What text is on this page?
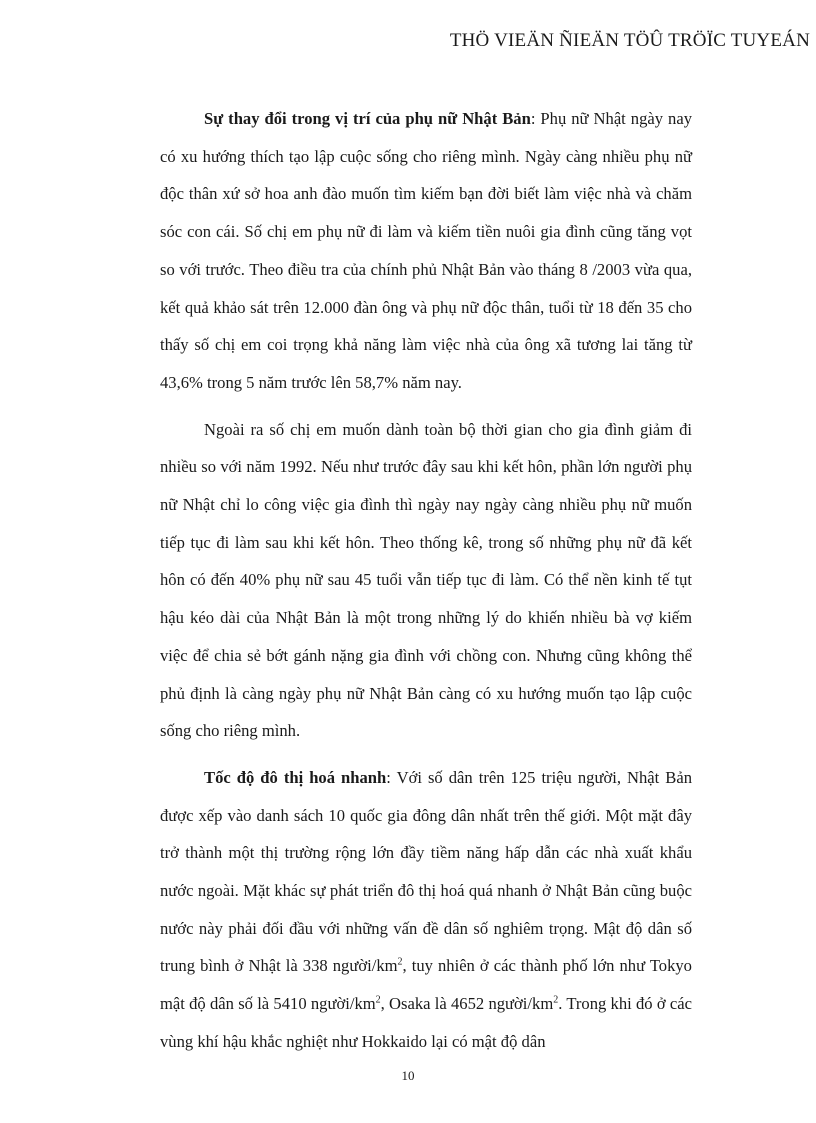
THÖ VIEÄN ÑIEÄN TÖÛ TRÖÏC TUYEÁN

Sự thay đổi trong vị trí của phụ nữ Nhật Bản: Phụ nữ Nhật ngày nay có xu hướng thích tạo lập cuộc sống cho riêng mình. Ngày càng nhiều phụ nữ độc thân xứ sở hoa anh đào muốn tìm kiếm bạn đời biết làm việc nhà và chăm sóc con cái. Số chị em phụ nữ đi làm và kiếm tiền nuôi gia đình cũng tăng vọt so với trước. Theo điều tra của chính phủ Nhật Bản vào tháng 8 /2003 vừa qua, kết quả khảo sát trên 12.000 đàn ông và phụ nữ độc thân, tuổi từ 18 đến 35 cho thấy số chị em coi trọng khả năng làm việc nhà của ông xã tương lai tăng từ 43,6% trong 5 năm trước lên 58,7% năm nay.

Ngoài ra số chị em muốn dành toàn bộ thời gian cho gia đình giảm đi nhiều so với năm 1992. Nếu như trước đây sau khi kết hôn, phần lớn người phụ nữ Nhật chỉ lo công việc gia đình thì ngày nay ngày càng nhiều phụ nữ muốn tiếp tục đi làm sau khi kết hôn. Theo thống kê, trong số những phụ nữ đã kết hôn có đến 40% phụ nữ sau 45 tuổi vẫn tiếp tục đi làm. Có thể nền kinh tế tụt hậu kéo dài của Nhật Bản là một trong những lý do khiến nhiều bà vợ kiếm việc để chia sẻ bớt gánh nặng gia đình với chồng con. Nhưng cũng không thể phủ định là càng ngày phụ nữ Nhật Bản càng có xu hướng muốn tạo lập cuộc sống cho riêng mình.

Tốc độ đô thị hoá nhanh: Với số dân trên 125 triệu người, Nhật Bản được xếp vào danh sách 10 quốc gia đông dân nhất trên thế giới. Một mặt đây trở thành một thị trường rộng lớn đầy tiềm năng hấp dẫn các nhà xuất khẩu nước ngoài. Mặt khác sự phát triển đô thị hoá quá nhanh ở Nhật Bản cũng buộc nước này phải đối đầu với những vấn đề dân số nghiêm trọng. Mật độ dân số trung bình ở Nhật là 338 người/$km^2$, tuy nhiên ở các thành phố lớn như Tokyo mật độ dân số là 5410 người/$km^2$, Osaka là 4652 người/$km^2$. Trong khi đó ở các vùng khí hậu khắc nghiệt như Hokkaido lại có mật độ dân

10
